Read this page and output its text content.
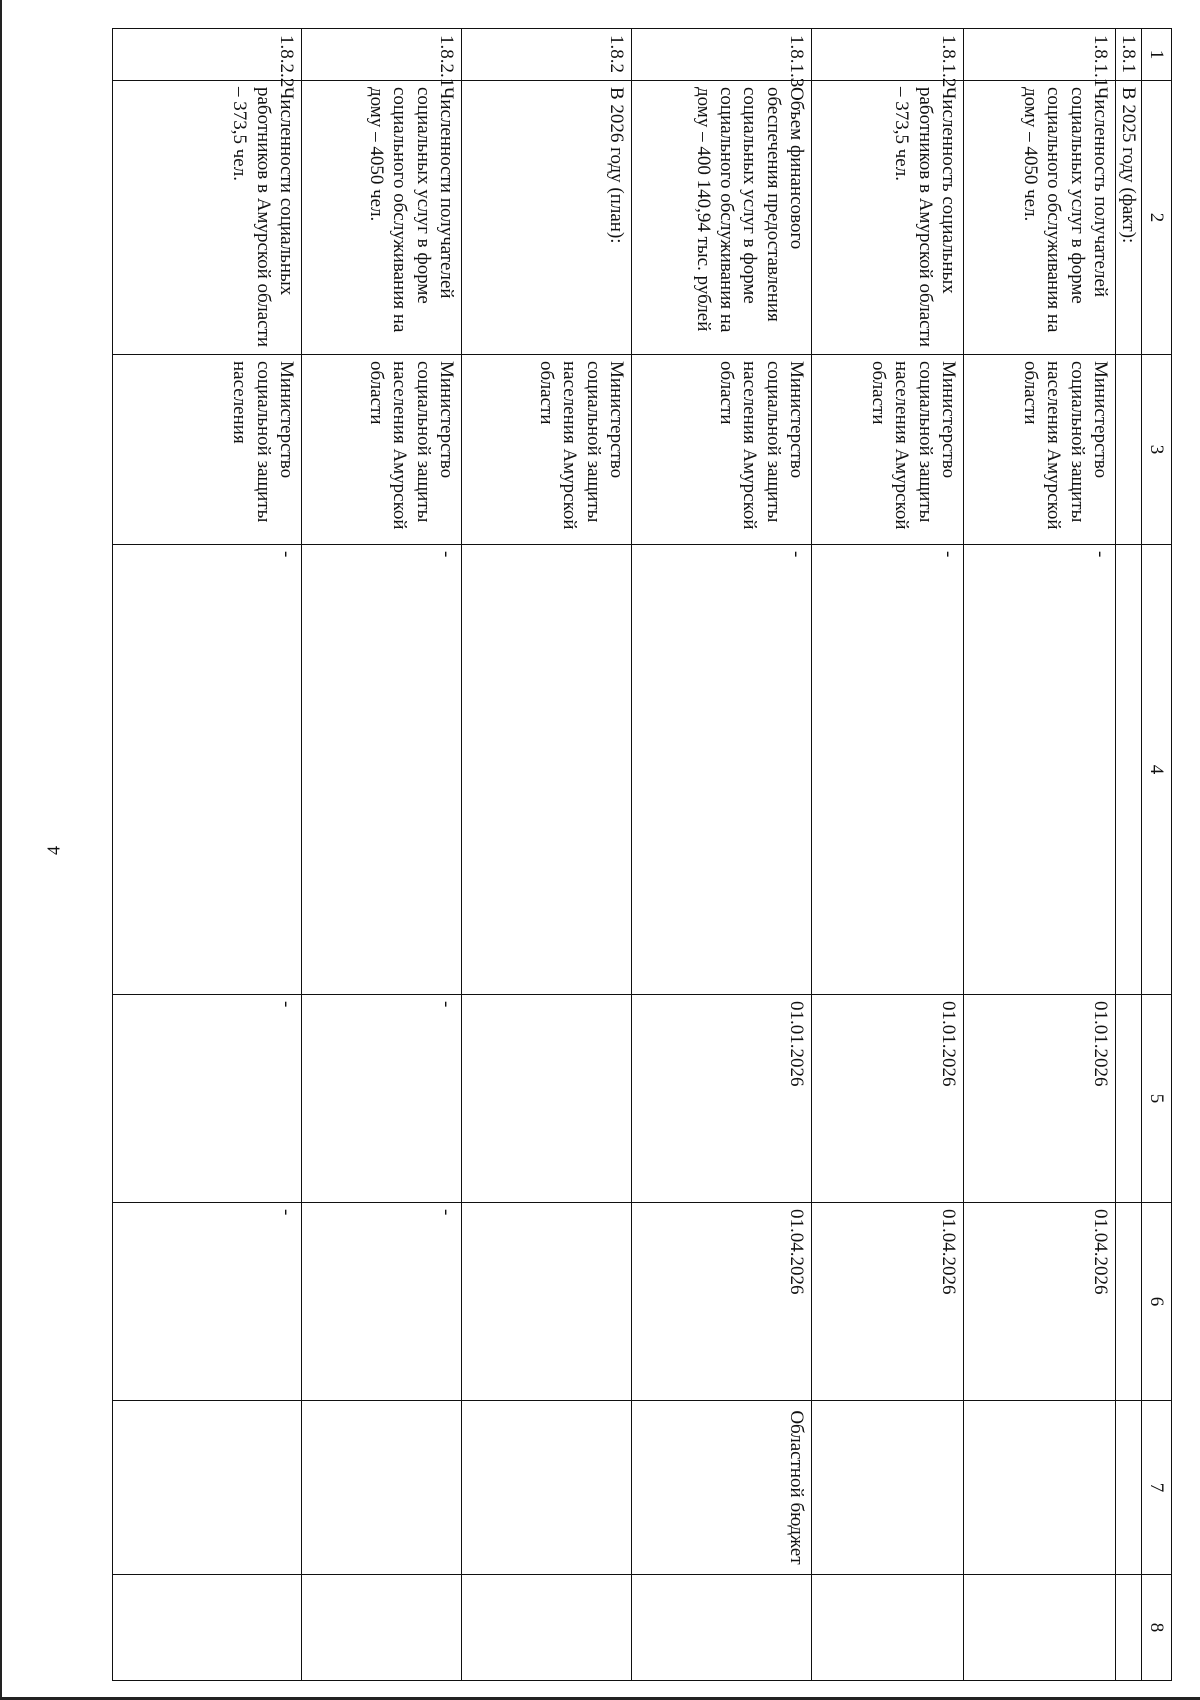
4
1	2	3	4	5	6	7	8
1.8.1	В 2025 году (факт):						
1.8.1.1	Численность получателей социальных услуг в форме социального обслуживания на дому – 4050 чел.	Министерство социальной защиты населения Амурской области	-	01.01.2026	01.04.2026		
1.8.1.2	Численность социальных работников в Амурской области – 373,5 чел.	Министерство социальной защиты населения Амурской области	-	01.01.2026	01.04.2026		
1.8.1.3	Объем финансового обеспечения предоставления социальных услуг в форме социального обслуживания на дому – 400 140,94 тыс. рублей	Министерство социальной защиты населения Амурской области	-	01.01.2026	01.04.2026	Областной бюджет	
1.8.2	В 2026 году (план):	Министерство социальной защиты населения Амурской области					
1.8.2.1	Численности получателей социальных услуг в форме социального обслуживания на дому – 4050 чел.	Министерство социальной защиты населения Амурской области	-	-	-		
1.8.2.2	Численности социальных работников в Амурской области – 373,5 чел.	Министерство социальной защиты населения	-	-	-		
